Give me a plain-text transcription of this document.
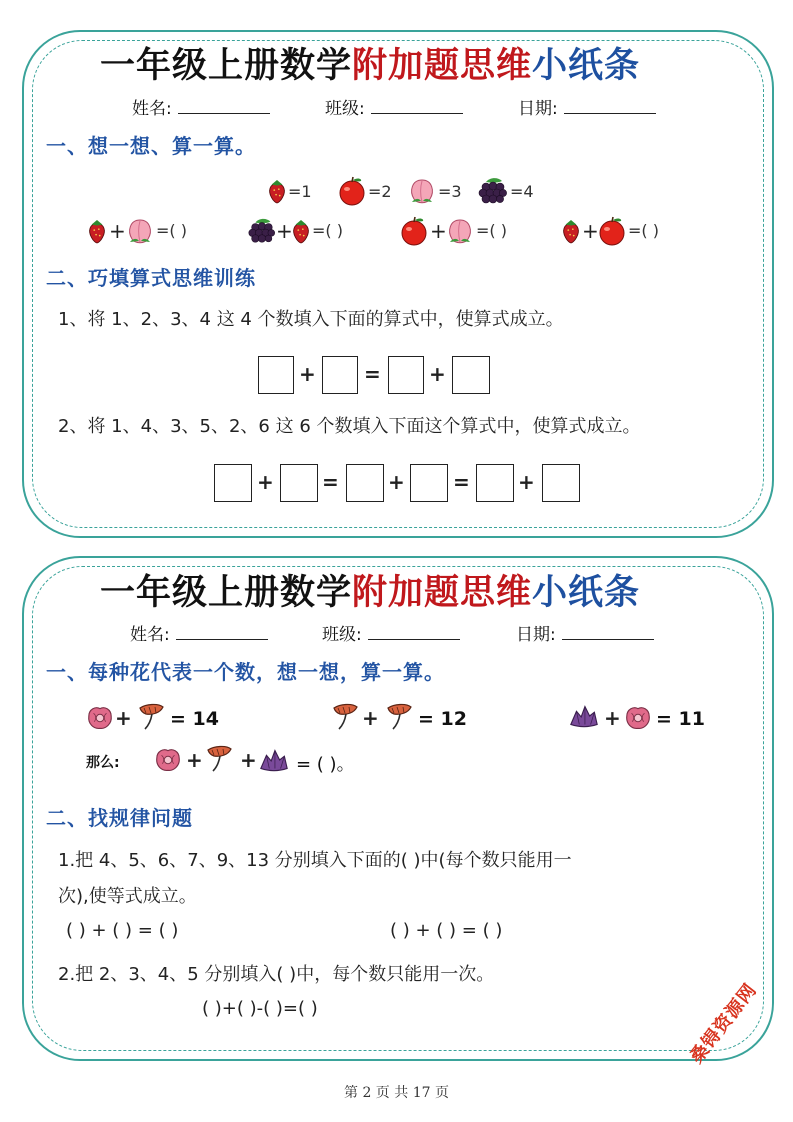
一年级上册数学附加题思维小纸条
姓名:	班级:	日期:
一、想一想、算一算。
=1	=2	=3	=4
+ =( )	+ =( )	+ =( )	+ =( )
二、巧填算式思维训练
1、将 1、2、3、4 这 4 个数填入下面的算式中，使算式成立。
+ = +
2、将 1、4、3、5、2、6 这 6 个数填入下面这个算式中，使算式成立。
+ = + = +
一年级上册数学附加题思维小纸条
姓名:	班级:	日期:
一、每种花代表一个数，想一想，算一算。
+ = 14	+ = 12	+ = 11
那么:	+ + = ( )。
二、找规律问题
1.把 4、5、6、7、9、13 分别填入下面的( )中(每个数只能用一
次),使等式成立。
( ) + ( ) = ( )	( ) + ( ) = ( )
2.把 2、3、4、5 分别填入( )中，每个数只能用一次。
( )+( )-( )=( )	桑锝资源网
第 2 页 共 17 页
